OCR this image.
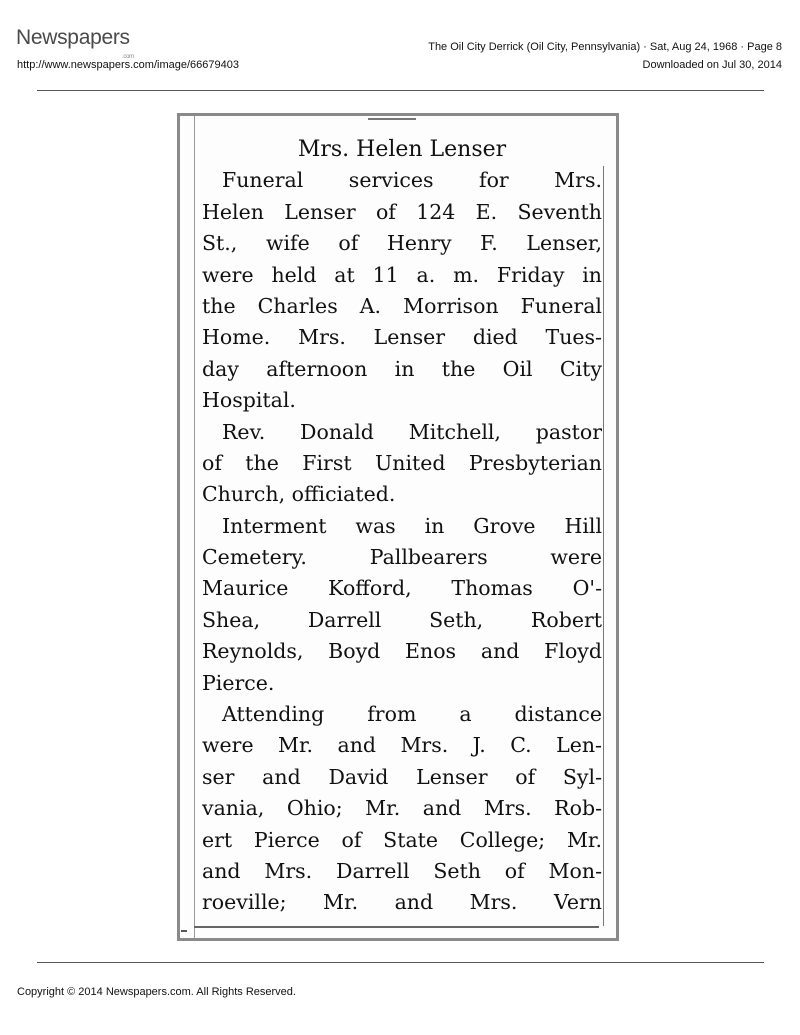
Newspapers
.com
The Oil City Derrick (Oil City, Pennsylvania) · Sat, Aug 24, 1968 · Page 8
http://www.newspapers.com/image/66679403	Downloaded on Jul 30, 2014
Mrs. Helen Lenser
Funeral services for Mrs.
Helen Lenser of 124 E. Seventh
St., wife of Henry F. Lenser,
were held at 11 a. m. Friday in
the Charles A. Morrison Funeral
Home. Mrs. Lenser died Tues-
day afternoon in the Oil City
Hospital.
Rev. Donald Mitchell, pastor
of the First United Presbyterian
Church, officiated.
Interment was in Grove Hill
Cemetery. Pallbearers were
Maurice Kofford, Thomas O'-
Shea, Darrell Seth, Robert
Reynolds, Boyd Enos and Floyd
Pierce.
Attending from a distance
were Mr. and Mrs. J. C. Len-
ser and David Lenser of Syl-
vania, Ohio; Mr. and Mrs. Rob-
ert Pierce of State College; Mr.
and Mrs. Darrell Seth of Mon-
roeville; Mr. and Mrs. Vern
Copyright © 2014 Newspapers.com. All Rights Reserved.
